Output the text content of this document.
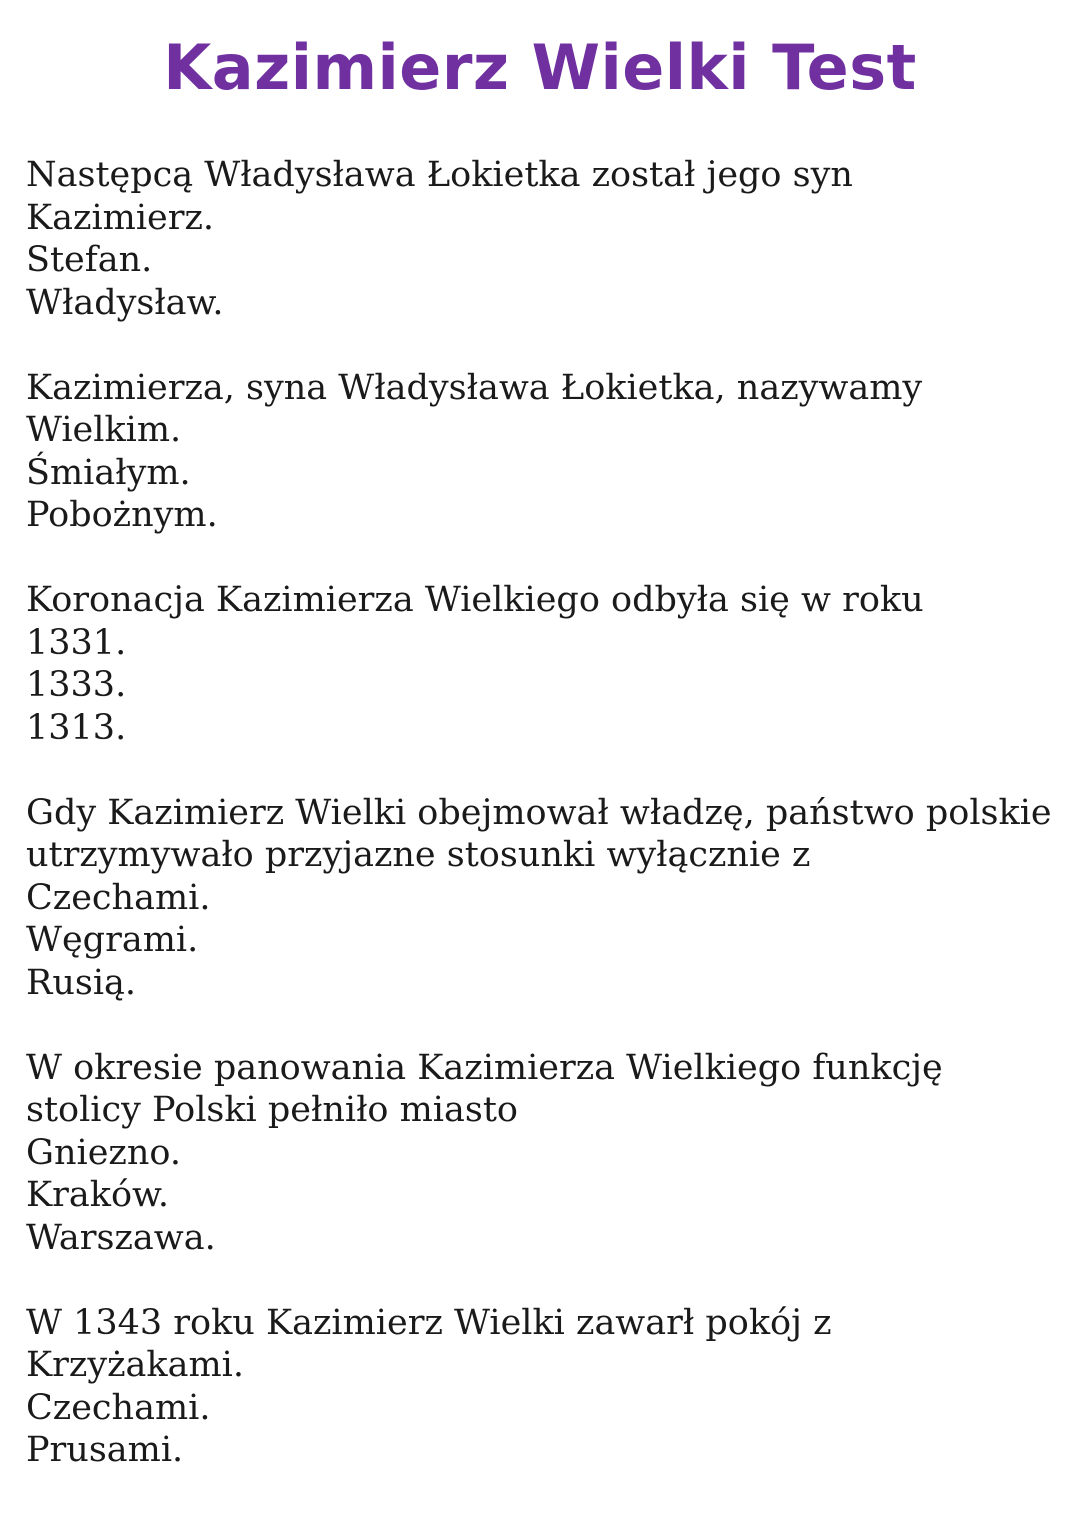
Kazimierz Wielki Test
Następcą Władysława Łokietka został jego syn
Kazimierz.
Stefan.
Władysław.
Kazimierza, syna Władysława Łokietka, nazywamy
Wielkim.
Śmiałym.
Pobożnym.
Koronacja Kazimierza Wielkiego odbyła się w roku
1331.
1333.
1313.
Gdy Kazimierz Wielki obejmował władzę, państwo polskie utrzymywało przyjazne stosunki wyłącznie z
Czechami.
Węgrami.
Rusią.
W okresie panowania Kazimierza Wielkiego funkcję stolicy Polski pełniło miasto
Gniezno.
Kraków.
Warszawa.
W 1343 roku Kazimierz Wielki zawarł pokój z
Krzyżakami.
Czechami.
Prusami.
